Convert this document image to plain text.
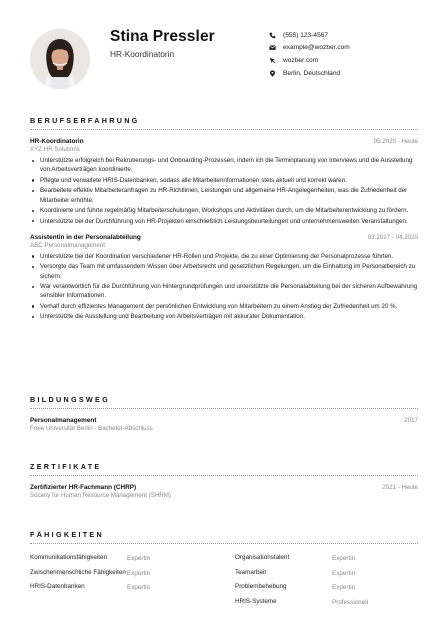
Stina Pressler
HR-Koordinatorin
(555) 123-4567
example@wozber.com
wozber.com
Berlin, Deutschland
BERUFSERFAHRUNG
HR-Koordinatorin	05.2020 - Heute
XYZ HR Solutions
Unterstützte erfolgreich bei Rekrutierungs- und Onboarding-Prozessen, indem ich die Terminplanung von Interviews und die Ausstellung von Arbeitsverträgen koordinierte.
Pflegte und verwaltete HRIS-Datenbanken, sodass alle Mitarbeiterinformationen stets aktuell und korrekt waren.
Bearbeitete effektiv Mitarbeiteranfragen zu HR-Richtlinien, Leistungen und allgemeine HR-Angelegenheiten, was die Zufriedenheit der Mitarbeiter erhöhte.
Koordinierte und führte regelmäßig Mitarbeiterschulungen, Workshops und Aktivitäten durch, um die Mitarbeiterentwicklung zu fördern.
Unterstützte bei der Durchführung von HR-Projekten einschließlich Leistungsbeurteilungen und unternehmensweiten Veranstaltungen.
Assistentin in der Personalabteilung	03.2017 - 04.2020
ABC Personalmanagement
Unterstützte bei der Koordination verschiedener HR-Rollen und Projekte, die zu einer Optimierung der Personalprozesse führten.
Versorgte das Team mit umfassendem Wissen über Arbeitsrecht und gesetzlichen Regelungen, um die Einhaltung im Personalbereich zu sichern.
War verantwortlich für die Durchführung von Hintergrundprüfungen und unterstützte die Personalabteilung bei der sicheren Aufbewahrung sensibler Informationen.
Verhalf durch effizientes Management der persönlichen Entwicklung von Mitarbeitern zu einem Anstieg der Zufriedenheit um 20 %.
Unterstützte die Ausstellung und Bearbeitung von Arbeitsverträgen mit akkurater Dokumentation.
BILDUNGSWEG
Personalmanagement	2017
Freie Universität Berlin - Bachelor-Abschluss
ZERTIFIKATE
Zertifizierter HR-Fachmann (CHRP)	2021 - Heute
Society for Human Resource Management (SHRM)
FÄHIGKEITEN
Kommunikationsfähigkeiten	Expertin
Zwischenmenschliche Fähigkeiten Expertin
HRIS-Datenbanken	Expertin
Organisationstalent	Expertin
Teamarbeit	Expertin
Problembehebung	Expertin
HRIS-Systeme	Professionell
